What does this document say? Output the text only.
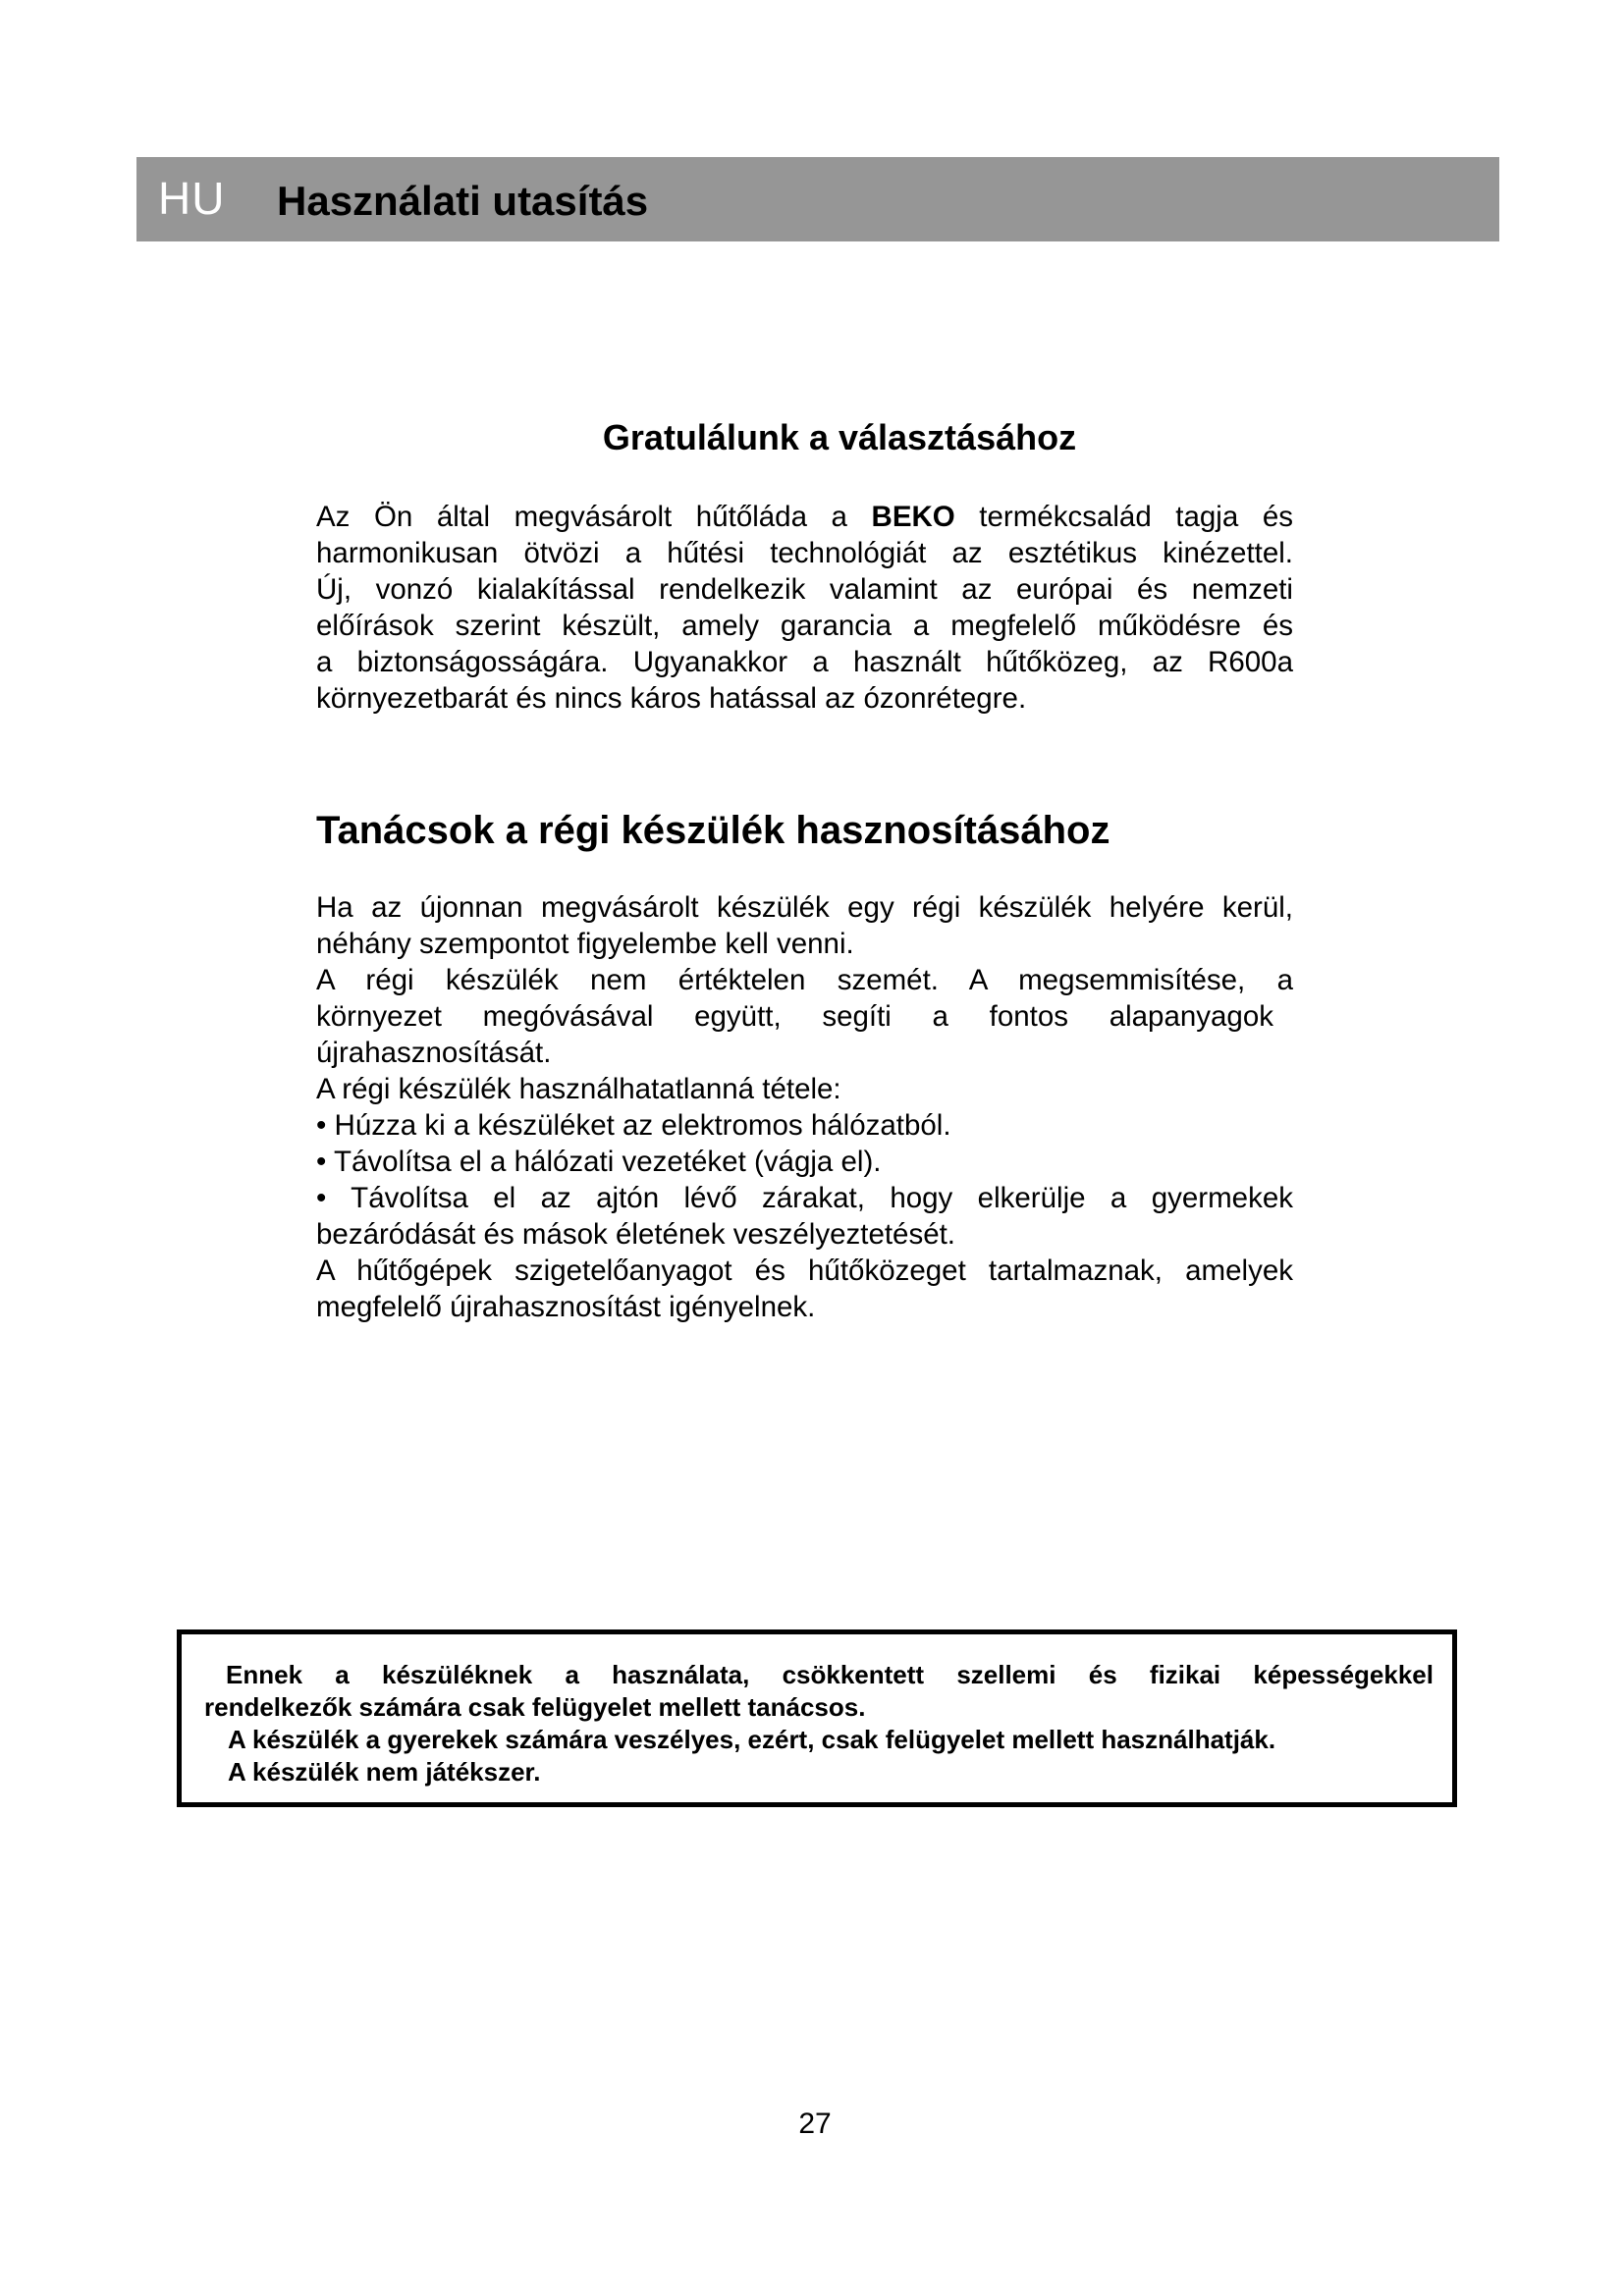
HU Használati utasítás
Gratulálunk a választásához
Az Ön által megvásárolt hűtőláda a BEKO termékcsalád tagja és
harmonikusan ötvözi a hűtési technológiát az esztétikus kinézettel.
Új, vonzó kialakítással rendelkezik valamint az európai és nemzeti
előírások szerint készült, amely garancia a megfelelő működésre és
a biztonságosságára. Ugyanakkor a használt hűtőközeg, az R600a
környezetbarát és nincs káros hatással az ózonrétegre.
Tanácsok a régi készülék hasznosításához
Ha az újonnan megvásárolt készülék egy régi készülék helyére kerül,
néhány szempontot figyelembe kell venni.
A régi készülék nem értéktelen szemét. A megsemmisítése, a
környezet megóvásával együtt, segíti a fontos alapanyagok
újrahasznosítását.
A régi készülék használhatatlanná tétele:
• Húzza ki a készüléket az elektromos hálózatból.
• Távolítsa el a hálózati vezetéket (vágja el).
• Távolítsa el az ajtón lévő zárakat, hogy elkerülje a gyermekek
bezáródását és mások életének veszélyeztetését.
A hűtőgépek szigetelőanyagot és hűtőközeget tartalmaznak, amelyek
megfelelő újrahasznosítást igényelnek.
Ennek a készüléknek a használata, csökkentett szellemi és fizikai képességekkel
rendelkezők számára csak felügyelet mellett tanácsos.
A készülék a gyerekek számára veszélyes, ezért, csak felügyelet mellett használhatják.
A készülék nem játékszer.
27
